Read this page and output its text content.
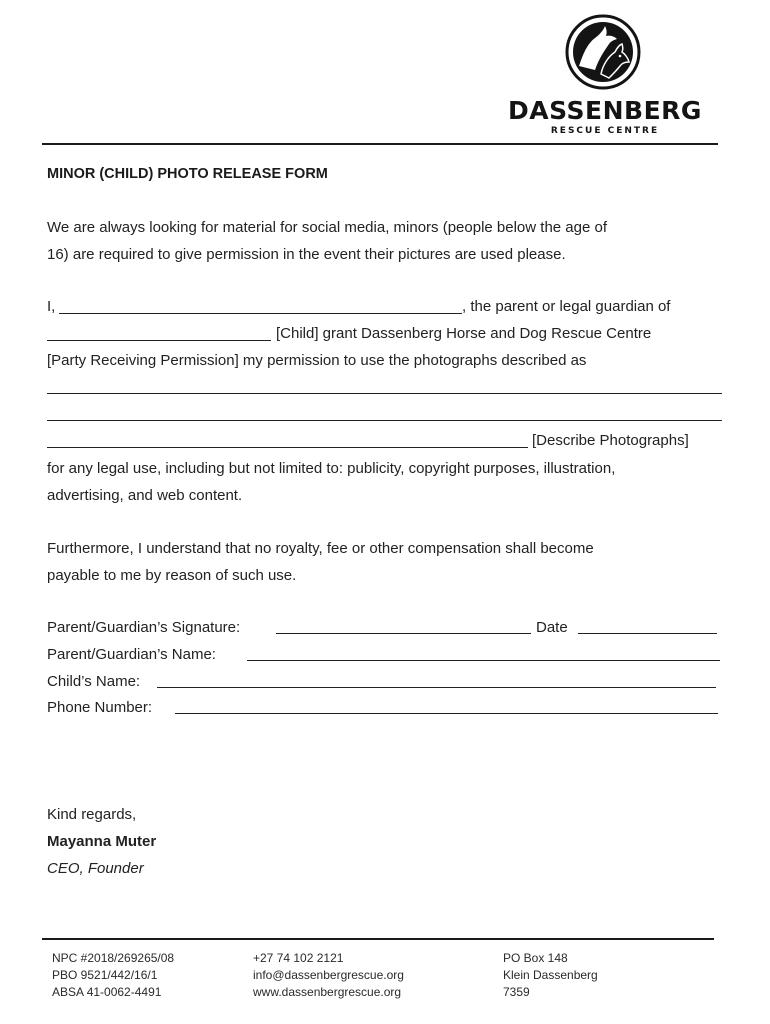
DASSENBERG
RESCUE CENTRE
MINOR (CHILD) PHOTO RELEASE FORM
We are always looking for material for social media, minors (people below the age of
16) are required to give permission in the event their pictures are used please.
I,	, the parent or legal guardian of
[Child] grant Dassenberg Horse and Dog Rescue Centre
[Party Receiving Permission] my permission to use the photographs described as
[Describe Photographs]
for any legal use, including but not limited to: publicity, copyright purposes, illustration,
advertising, and web content.
Furthermore, I understand that no royalty, fee or other compensation shall become
payable to me by reason of such use.
Parent/Guardian’s Signature:	Date
Parent/Guardian’s Name:
Child’s Name:
Phone Number:
Kind regards,
Mayanna Muter
CEO, Founder
NPC #2018/269265/08
PBO 9521/442/16/1
ABSA 41-0062-4491
+27 74 102 2121
info@dassenbergrescue.org
www.dassenbergrescue.org
PO Box 148
Klein Dassenberg
7359
